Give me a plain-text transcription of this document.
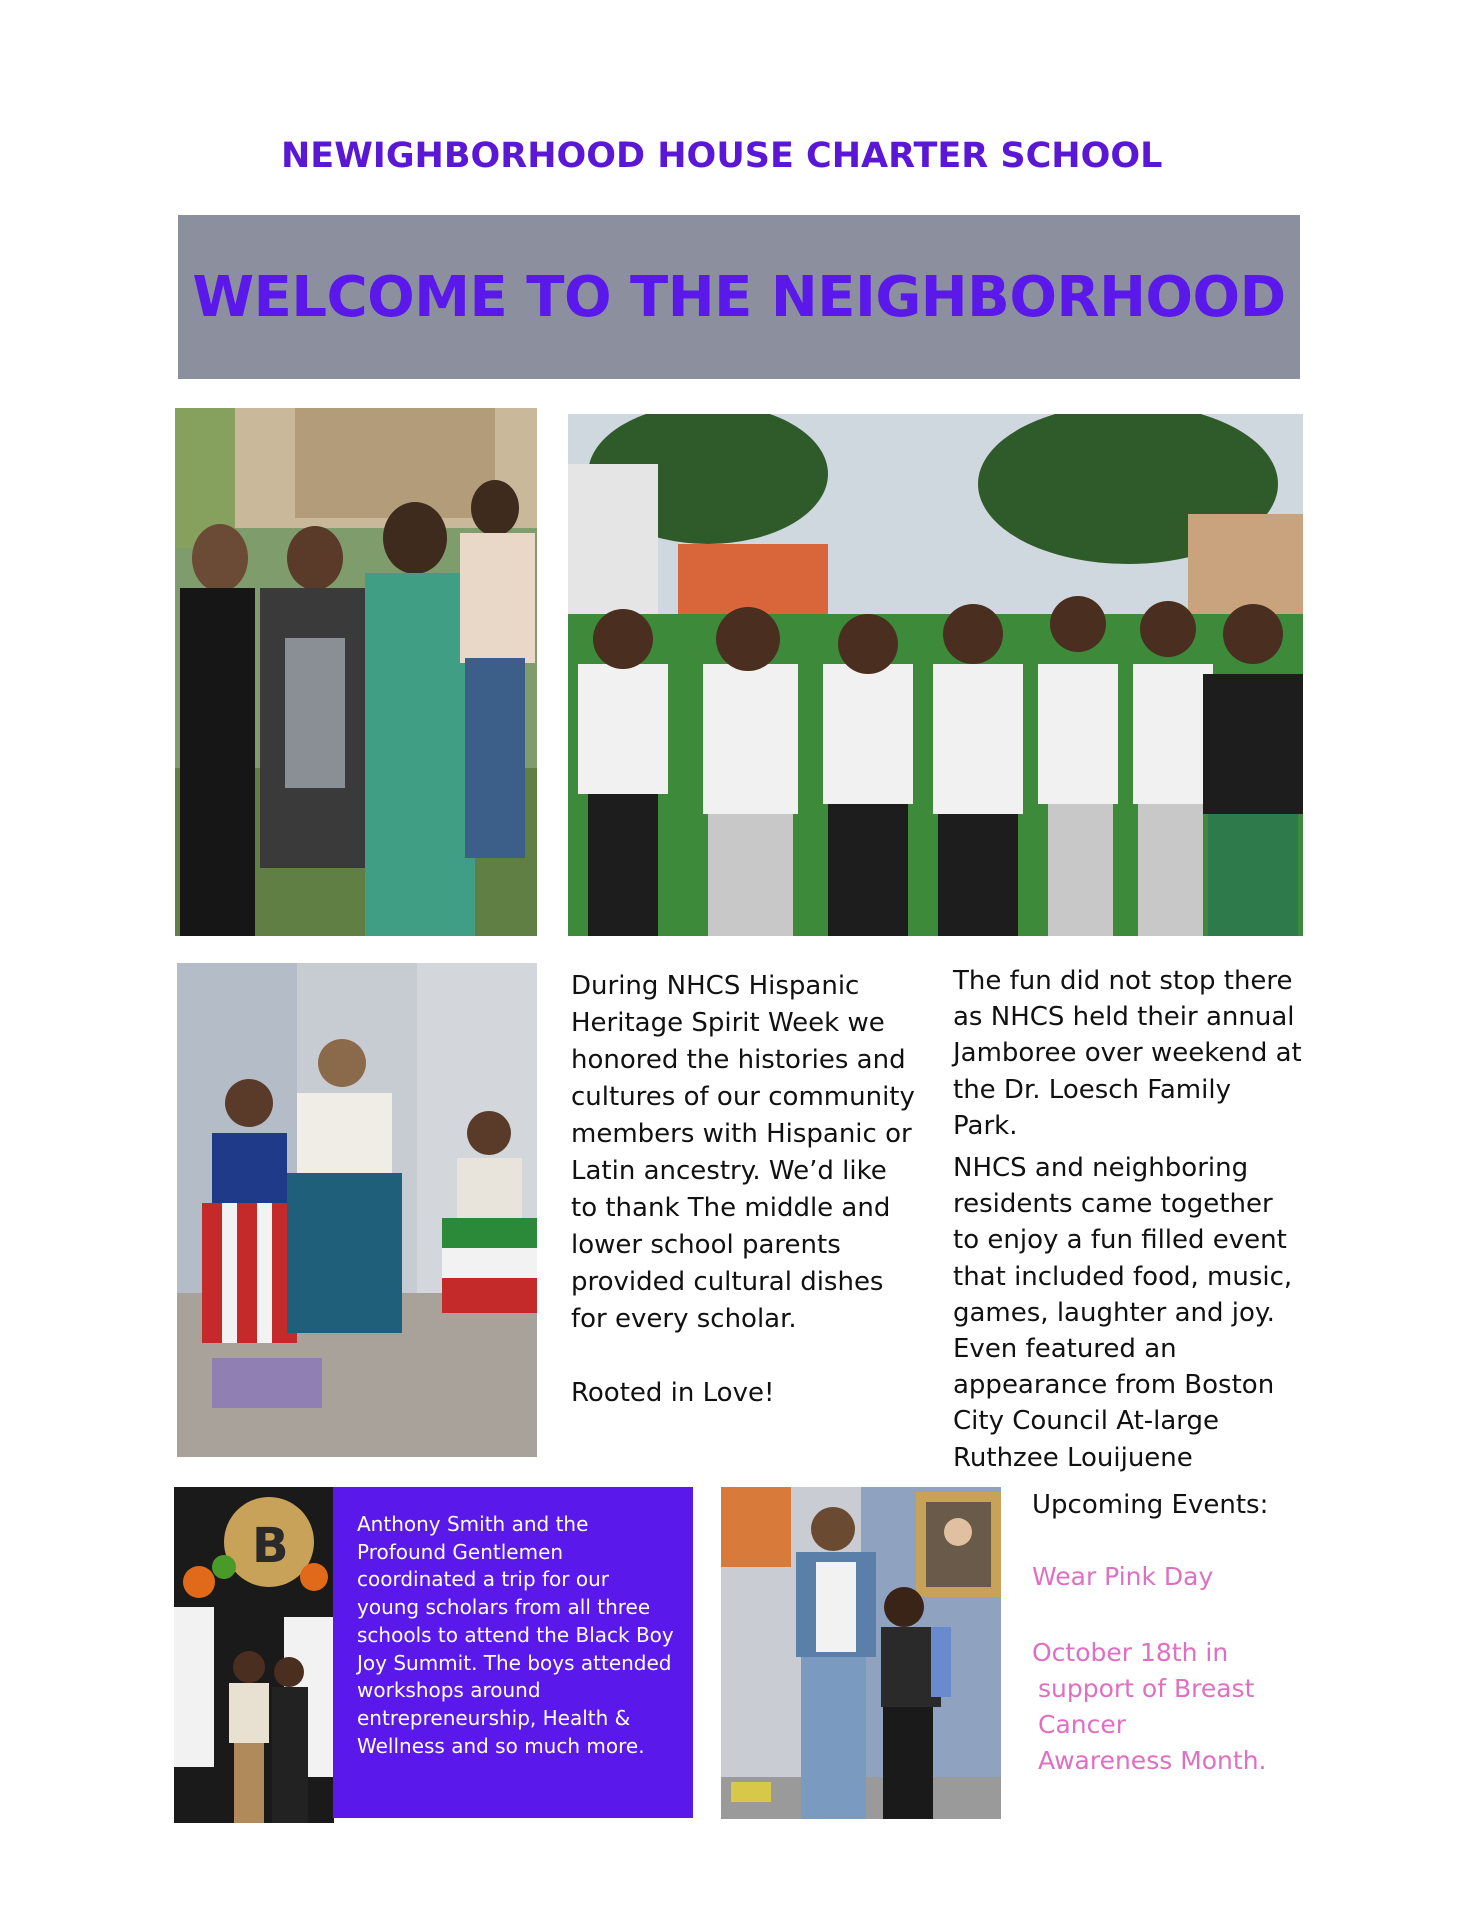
NEWIGHBORHOOD HOUSE CHARTER SCHOOL
WELCOME TO THE NEIGHBORHOOD

During NHCS Hispanic Heritage Spirit Week we honored the histories and cultures of our community members with Hispanic or Latin ancestry. We’d like to thank The middle and lower school parents provided cultural dishes for every scholar.

Rooted in Love!

The fun did not stop there as NHCS held their annual Jamboree over weekend at the Dr. Loesch Family Park.

NHCS and neighboring residents came together to enjoy a fun filled event that included food, music, games, laughter and joy. Even featured an appearance from Boston City Council At-large Ruthzee Louijuene

B	Anthony Smith and the Profound Gentlemen coordinated a trip for our young scholars from all three schools to attend the Black Boy Joy Summit. The boys attended workshops around entrepreneurship, Health & Wellness and so much more.
Upcoming Events:
Wear Pink Day
October 18th in support of Breast Cancer Awareness Month.
